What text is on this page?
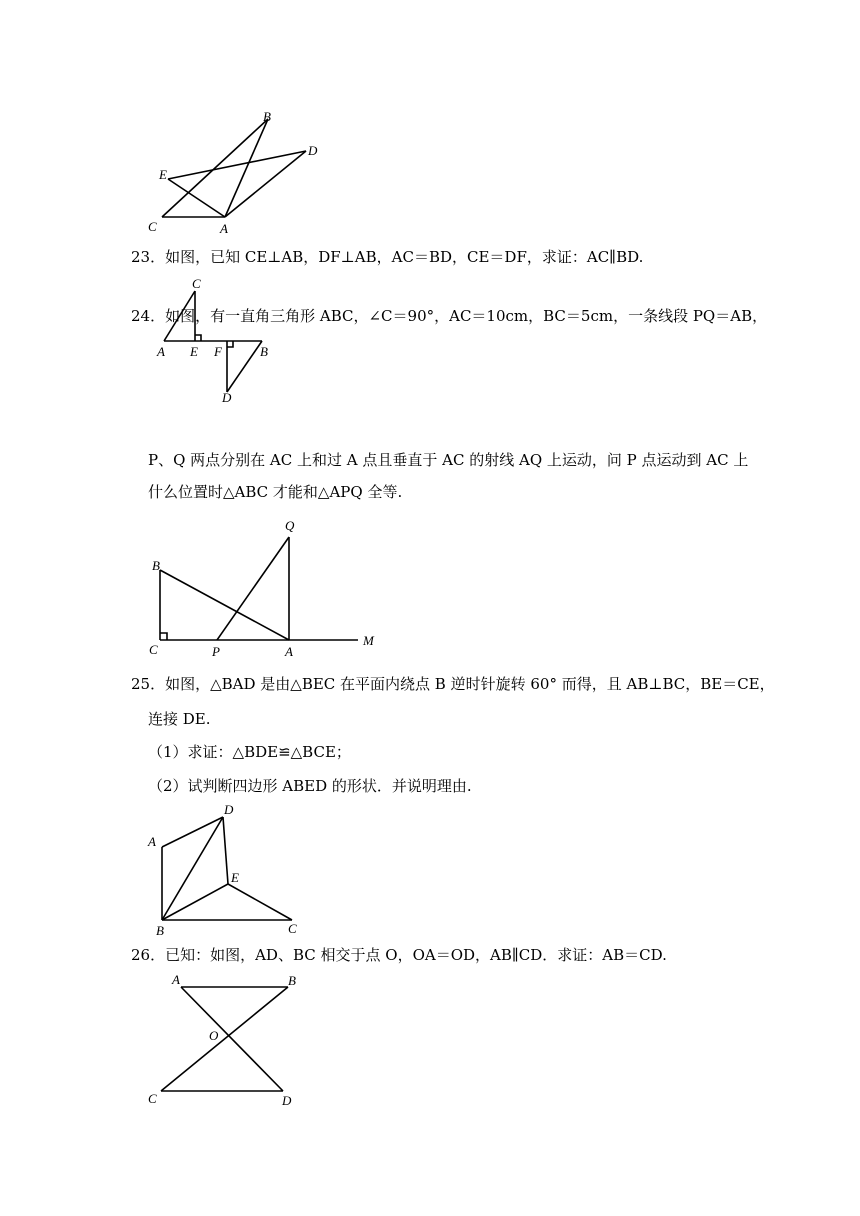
B
D
E
C	A
23．如图，已知 CE⊥AB，DF⊥AB，AC＝BD，CE＝DF，求证：AC∥BD.
C
A E F	B
D
24．如图，有一直角三角形 ABC，∠C＝90°，AC＝10cm，BC＝5cm，一条线段 PQ＝AB，
P、Q 两点分别在 AC 上和过 A 点且垂直于 AC 的射线 AQ 上运动，问 P 点运动到 AC 上
什么位置时△ABC 才能和△APQ 全等.
Q
B
C	P	A
M
25．如图，△BAD 是由△BEC 在平面内绕点 B 逆时针旋转 60° 而得，且 AB⊥BC，BE＝CE，
连接 DE.
（1）求证：△BDE≌△BCE；
（2）试判断四边形 ABED 的形状．并说明理由.
D
A
E
B	C
26．已知：如图，AD、BC 相交于点 O，OA＝OD，AB∥CD．求证：AB＝CD.
A	B
O
C	D
